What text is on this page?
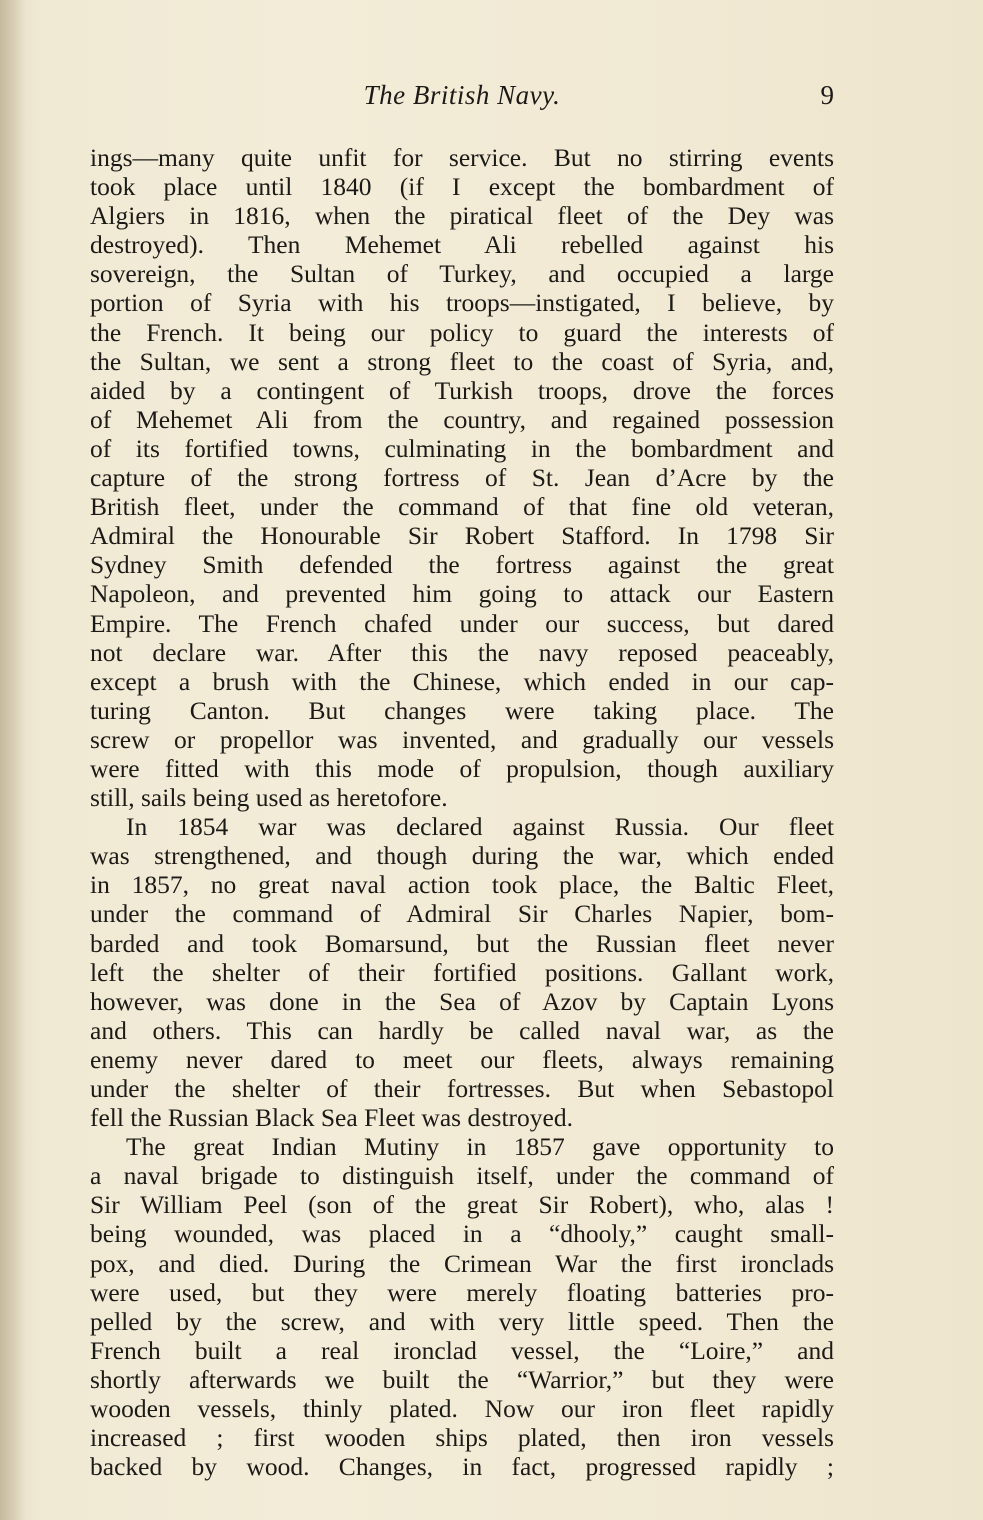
The British Navy.	9
ings—many quite unfit for service. But no stirring events
took place until 1840 (if I except the bombardment of
Algiers in 1816, when the piratical fleet of the Dey was
destroyed). Then Mehemet Ali rebelled against his
sovereign, the Sultan of Turkey, and occupied a large
portion of Syria with his troops—instigated, I believe, by
the French. It being our policy to guard the interests of
the Sultan, we sent a strong fleet to the coast of Syria, and,
aided by a contingent of Turkish troops, drove the forces
of Mehemet Ali from the country, and regained possession
of its fortified towns, culminating in the bombardment and
capture of the strong fortress of St. Jean d’Acre by the
British fleet, under the command of that fine old veteran,
Admiral the Honourable Sir Robert Stafford. In 1798 Sir
Sydney Smith defended the fortress against the great
Napoleon, and prevented him going to attack our Eastern
Empire. The French chafed under our success, but dared
not declare war. After this the navy reposed peaceably,
except a brush with the Chinese, which ended in our cap-
turing Canton. But changes were taking place. The
screw or propellor was invented, and gradually our vessels
were fitted with this mode of propulsion, though auxiliary
still, sails being used as heretofore.
In 1854 war was declared against Russia. Our fleet
was strengthened, and though during the war, which ended
in 1857, no great naval action took place, the Baltic Fleet,
under the command of Admiral Sir Charles Napier, bom-
barded and took Bomarsund, but the Russian fleet never
left the shelter of their fortified positions. Gallant work,
however, was done in the Sea of Azov by Captain Lyons
and others. This can hardly be called naval war, as the
enemy never dared to meet our fleets, always remaining
under the shelter of their fortresses. But when Sebastopol
fell the Russian Black Sea Fleet was destroyed.
The great Indian Mutiny in 1857 gave opportunity to
a naval brigade to distinguish itself, under the command of
Sir William Peel (son of the great Sir Robert), who, alas !
being wounded, was placed in a “dhooly,” caught small-
pox, and died. During the Crimean War the first ironclads
were used, but they were merely floating batteries pro-
pelled by the screw, and with very little speed. Then the
French built a real ironclad vessel, the “Loire,” and
shortly afterwards we built the “Warrior,” but they were
wooden vessels, thinly plated. Now our iron fleet rapidly
increased ; first wooden ships plated, then iron vessels
backed by wood. Changes, in fact, progressed rapidly ;
